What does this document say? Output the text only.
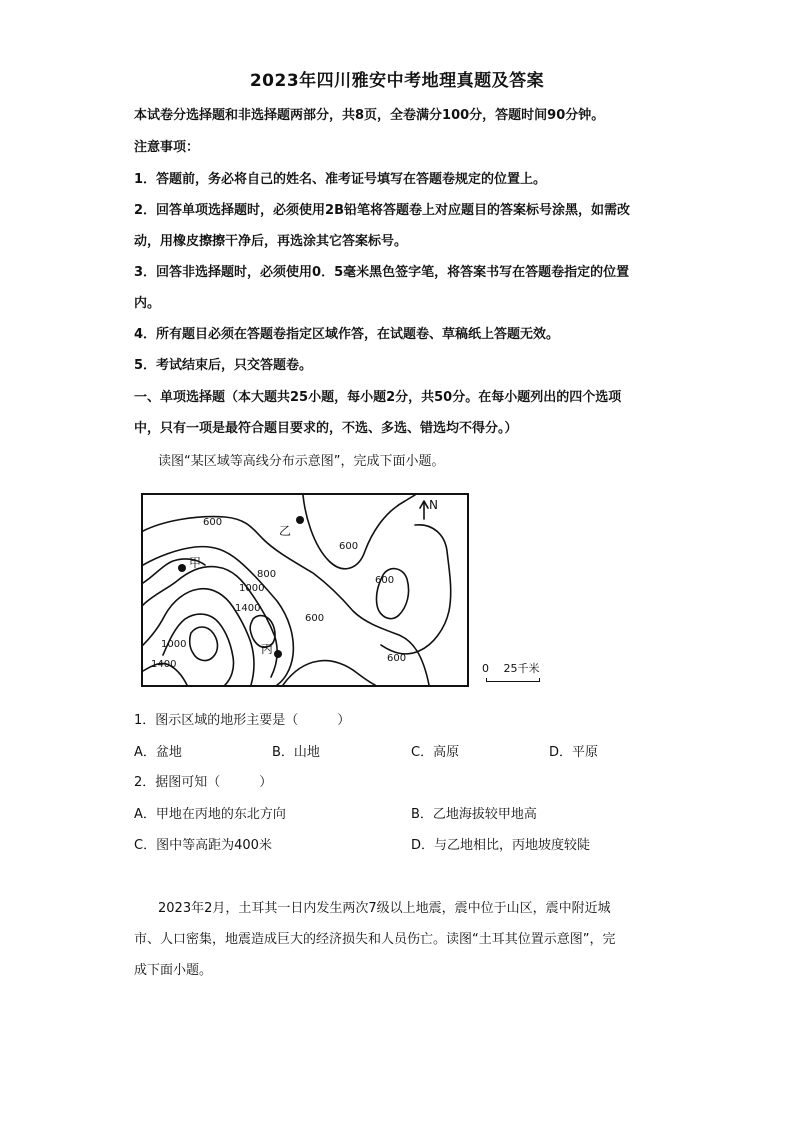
2023年四川雅安中考地理真题及答案
本试卷分选择题和非选择题两部分，共8页，全卷满分100分，答题时间90分钟。
注意事项：
1．答题前，务必将自己的姓名、准考证号填写在答题卷规定的位置上。
2．回答单项选择题时，必须使用2B铅笔将答题卷上对应题目的答案标号涂黑，如需改
动，用橡皮擦擦干净后，再选涂其它答案标号。
3．回答非选择题时，必须使用0．5毫米黑色签字笔，将答案书写在答题卷指定的位置
内。
4．所有题目必须在答题卷指定区域作答，在试题卷、草稿纸上答题无效。
5．考试结束后，只交答题卷。
一、单项选择题（本大题共25小题，每小题2分，共50分。在每小题列出的四个选项
中，只有一项是最符合题目要求的，不选、多选、错选均不得分。）
读图“某区域等高线分布示意图”，完成下面小题。
600
600
600
600
600
800
1000
1400
1000
1400
N
甲
乙
丙
0　 25千米
1．图示区域的地形主要是（　　　）
A．盆地	B．山地	C．高原	D．平原
2．据图可知（　　　）
A．甲地在丙地的东北方向	B．乙地海拔较甲地高
C．图中等高距为400米	D．与乙地相比，丙地坡度较陡
2023年2月，土耳其一日内发生两次7级以上地震，震中位于山区，震中附近城
市、人口密集，地震造成巨大的经济损失和人员伤亡。读图“土耳其位置示意图”，完
成下面小题。
